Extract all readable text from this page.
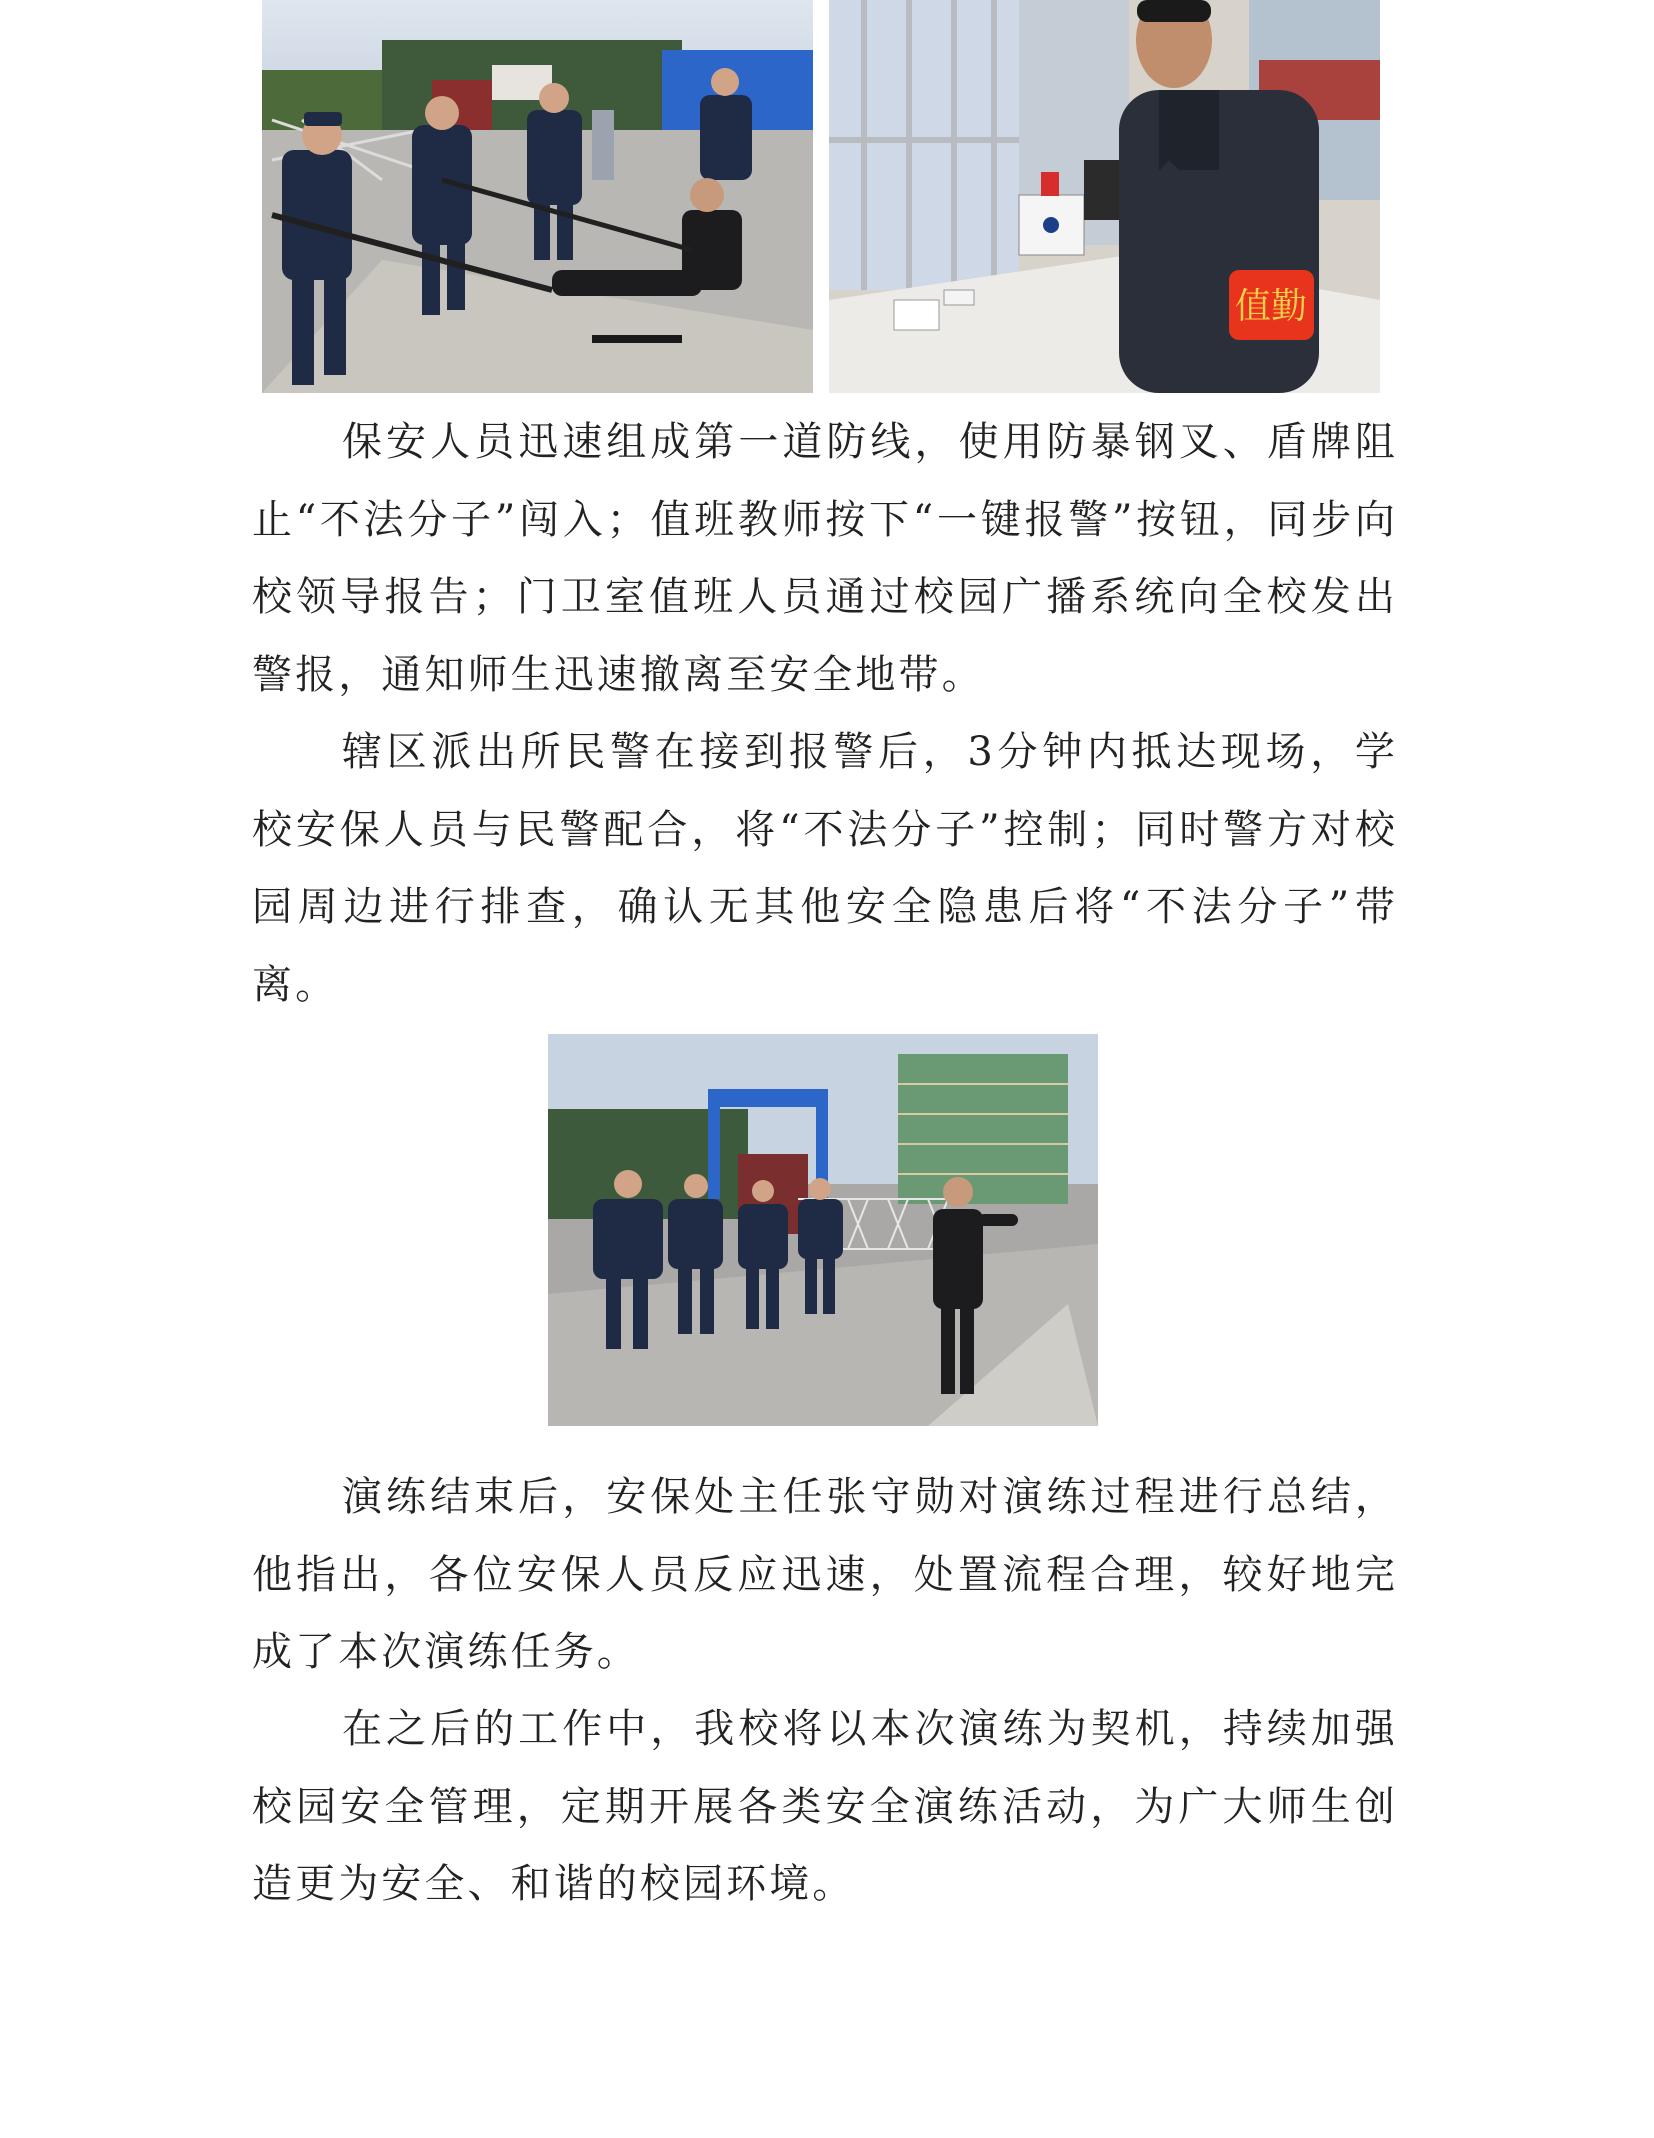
值勤
保安人员迅速组成第一道防线，使用防暴钢叉、盾牌阻止“不法分子”闯入；值班教师按下“一键报警”按钮，同步向校领导报告；门卫室值班人员通过校园广播系统向全校发出警报，通知师生迅速撤离至安全地带。
辖区派出所民警在接到报警后，3分钟内抵达现场，学校安保人员与民警配合，将“不法分子”控制；同时警方对校园周边进行排查，确认无其他安全隐患后将“不法分子”带离。
演练结束后，安保处主任张守勋对演练过程进行总结，他指出，各位安保人员反应迅速，处置流程合理，较好地完成了本次演练任务。
在之后的工作中，我校将以本次演练为契机，持续加强校园安全管理，定期开展各类安全演练活动，为广大师生创造更为安全、和谐的校园环境。
